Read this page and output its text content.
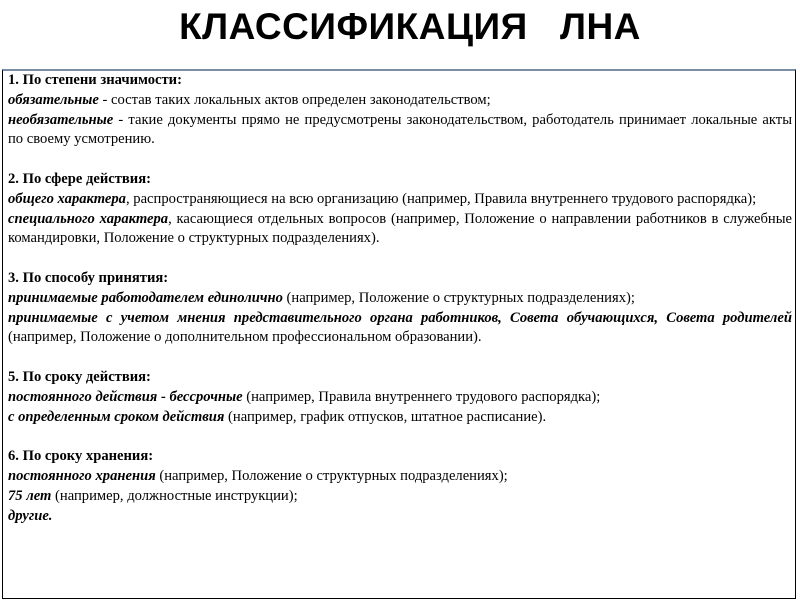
КЛАССИФИКАЦИЯ   ЛНА
1. По степени значимости:
обязательные - состав таких локальных актов определен законодательством;
необязательные - такие документы прямо не предусмотрены законодательством, работодатель принимает локальные акты по своему усмотрению.
2. По сфере действия:
общего характера, распространяющиеся на всю организацию (например, Правила внутреннего трудового распорядка);
специального характера, касающиеся отдельных вопросов (например, Положение о направлении работников в служебные командировки, Положение о структурных подразделениях).
3. По способу принятия:
принимаемые работодателем единолично (например, Положение о структурных подразделениях);
принимаемые с учетом мнения представительного органа работников, Совета обучающихся, Совета родителей (например, Положение о дополнительном профессиональном образовании).
5. По сроку действия:
постоянного действия - бессрочные (например, Правила внутреннего трудового распорядка);
с определенным сроком действия (например, график отпусков, штатное расписание).
6. По сроку хранения:
постоянного хранения (например, Положение о структурных подразделениях);
75 лет (например, должностные инструкции);
другие.
